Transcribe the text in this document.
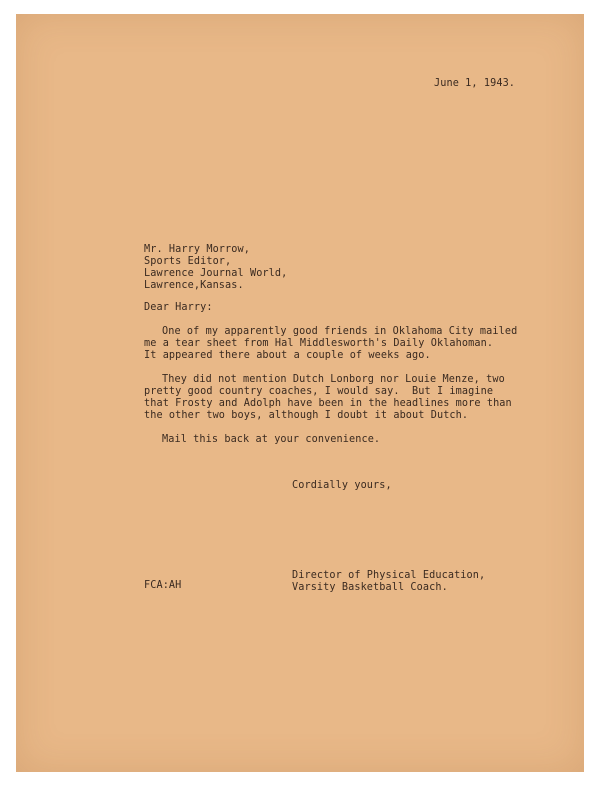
June 1, 1943.
Mr. Harry Morrow,
Sports Editor,
Lawrence Journal World,
Lawrence,Kansas.
Dear Harry:
One of my apparently good friends in Oklahoma City mailed
me a tear sheet from Hal Middlesworth's Daily Oklahoman.
It appeared there about a couple of weeks ago.
They did not mention Dutch Lonborg nor Louie Menze, two
pretty good country coaches, I would say.  But I imagine
that Frosty and Adolph have been in the headlines more than
the other two boys, although I doubt it about Dutch.
Mail this back at your convenience.
Cordially yours,
Director of Physical Education,
Varsity Basketball Coach.
FCA:AH
